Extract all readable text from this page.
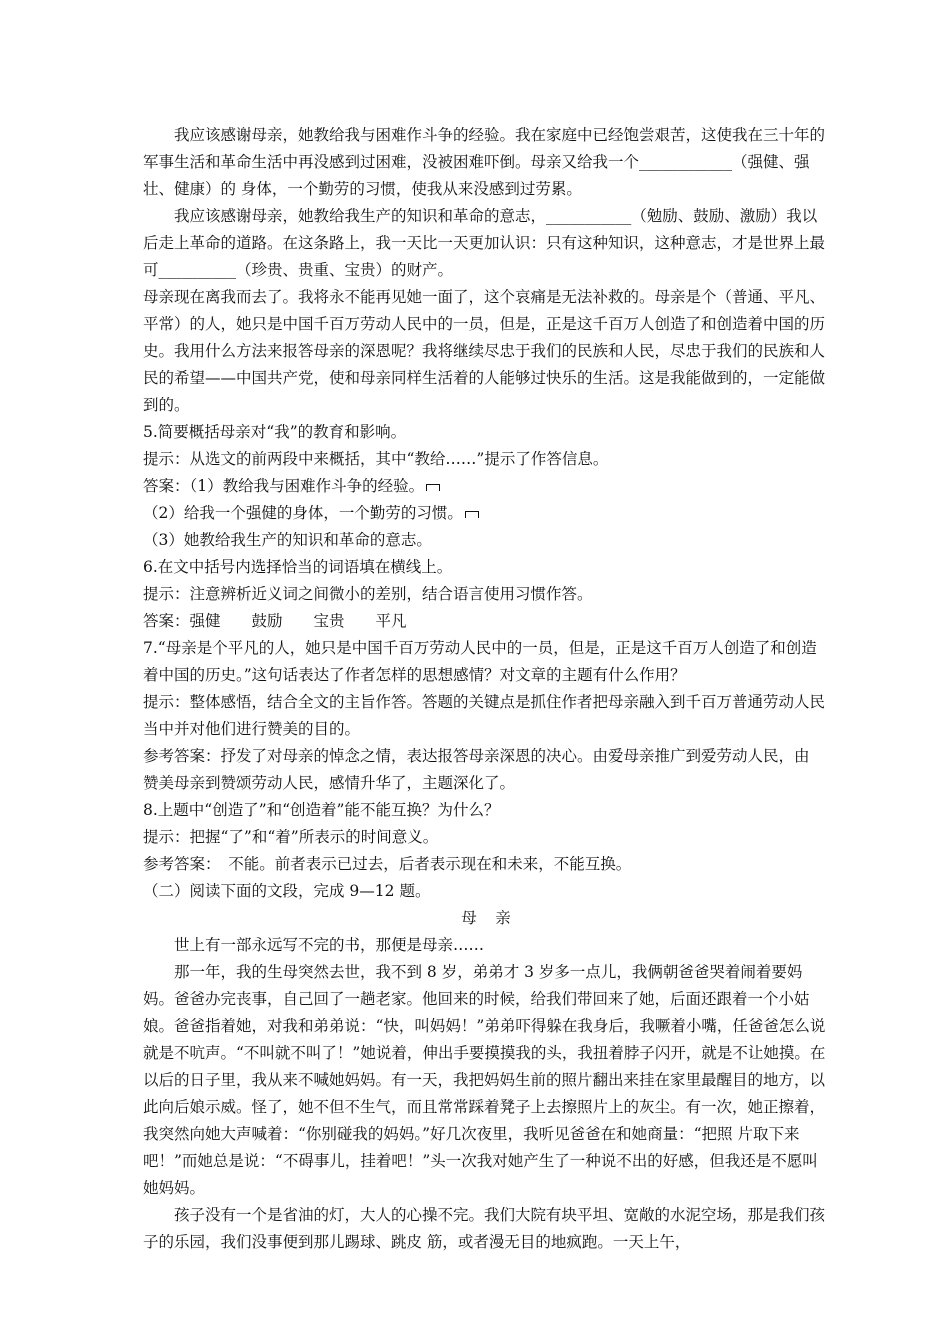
我应该感谢母亲，她教给我与困难作斗争的经验。我在家庭中已经饱尝艰苦，这使我在三十年的军事生活和革命生活中再没感到过困难，没被困难吓倒。母亲又给我一个____________（强健、强壮、健康）的 身体，一个勤劳的习惯，使我从来没感到过劳累。

我应该感谢母亲，她教给我生产的知识和革命的意志，___________（勉励、鼓励、激励）我以后走上革命的道路。在这条路上，我一天比一天更加认识：只有这种知识，这种意志，才是世界上最可__________（珍贵、贵重、宝贵）的财产。

母亲现在离我而去了。我将永不能再见她一面了，这个哀痛是无法补救的。母亲是个（普通、平凡、平常）的人，她只是中国千百万劳动人民中的一员，但是，正是这千百万人创造了和创造着中国的历史。我用什么方法来报答母亲的深恩呢？我将继续尽忠于我们的民族和人民，尽忠于我们的民族和人民的希望——中国共产党，使和母亲同样生活着的人能够过快乐的生活。这是我能做到的，一定能做到的。

5.简要概括母亲对“我”的教育和影响。

提示：从选文的前两段中来概括，其中“教给……”提示了作答信息。

答案：（1）教给我与困难作斗争的经验。

（2）给我一个强健的身体，一个勤劳的习惯。

（3）她教给我生产的知识和革命的意志。

6.在文中括号内选择恰当的词语填在横线上。

提示：注意辨析近义词之间微小的差别，结合语言使用习惯作答。

答案：强健　　鼓励　　宝贵　　平凡

7.“母亲是个平凡的人，她只是中国千百万劳动人民中的一员，但是，正是这千百万人创造了和创造着中国的历史。”这句话表达了作者怎样的思想感情？对文章的主题有什么作用？

提示：整体感悟，结合全文的主旨作答。答题的关键点是抓住作者把母亲融入到千百万普通劳动人民当中并对他们进行赞美的目的。

参考答案：抒发了对母亲的悼念之情，表达报答母亲深恩的决心。由爱母亲推广到爱劳动人民，由 赞美母亲到赞颂劳动人民，感情升华了，主题深化了。

8.上题中“创造了”和“创造着”能不能互换？为什么？

提示：把握“了”和“着”所表示的时间意义。

参考答案：　不能。前者表示已过去，后者表示现在和未来，不能互换。

（二）阅读下面的文段，完成 9—12 题。

母亲

世上有一部永远写不完的书，那便是母亲……

那一年，我的生母突然去世，我不到 8 岁，弟弟才 3 岁多一点儿，我俩朝爸爸哭着闹着要妈妈。爸爸办完丧事，自己回了一趟老家。他回来的时候，给我们带回来了她，后面还跟着一个小姑娘。爸爸指着她，对我和弟弟说：“快，叫妈妈！”弟弟吓得躲在我身后，我噘着小嘴，任爸爸怎么说就是不吭声。“不叫就不叫了！”她说着，伸出手要摸摸我的头，我扭着脖子闪开，就是不让她摸。在以后的日子里，我从来不喊她妈妈。有一天，我把妈妈生前的照片翻出来挂在家里最醒目的地方，以此向后娘示威。怪了，她不但不生气，而且常常踩着凳子上去擦照片上的灰尘。有一次，她正擦着，我突然向她大声喊着：“你别碰我的妈妈。”好几次夜里，我听见爸爸在和她商量：“把照 片取下来吧！”而她总是说：“不碍事儿，挂着吧！”头一次我对她产生了一种说不出的好感，但我还是不愿叫她妈妈。

孩子没有一个是省油的灯，大人的心操不完。我们大院有块平坦、宽敞的水泥空场，那是我们孩子的乐园，我们没事便到那儿踢球、跳皮 筋，或者漫无目的地疯跑。一天上午，
